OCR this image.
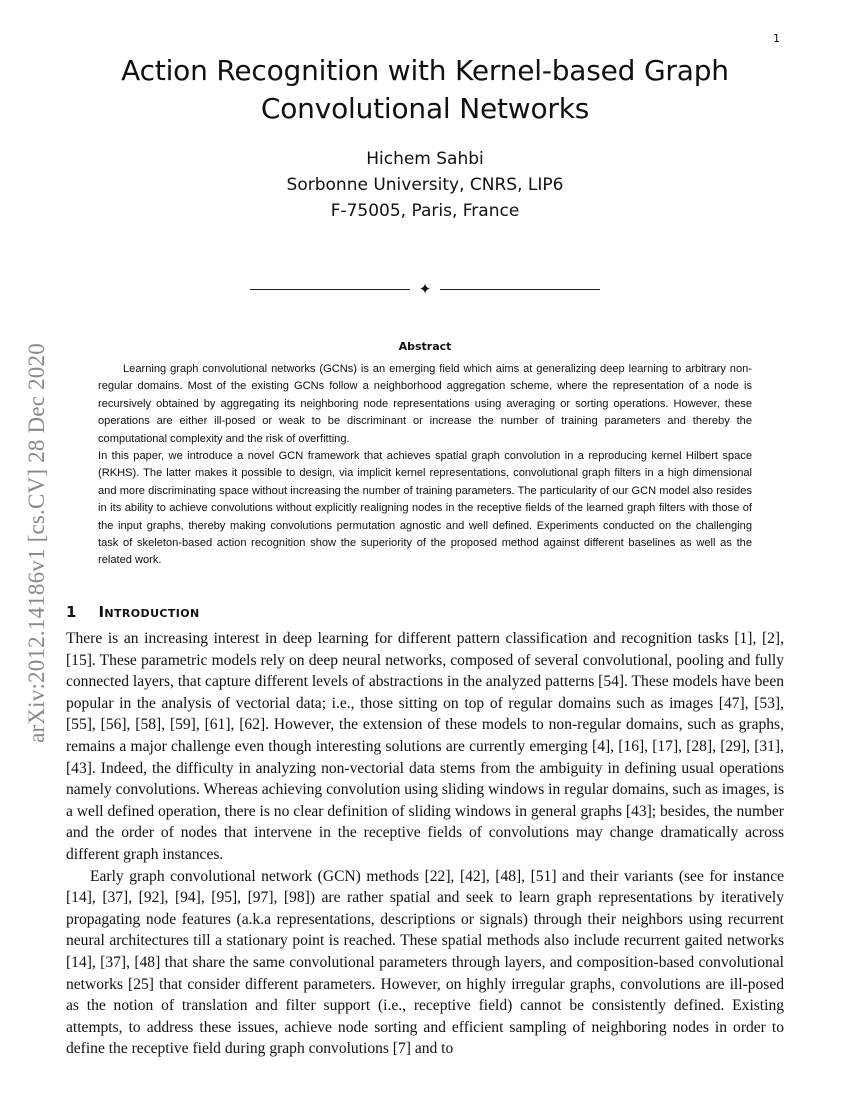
1
Action Recognition with Kernel-based Graph Convolutional Networks
Hichem Sahbi
Sorbonne University, CNRS, LIP6
F-75005, Paris, France
✦
arXiv:2012.14186v1 [cs.CV] 28 Dec 2020	Abstract

Learning graph convolutional networks (GCNs) is an emerging field which aims at generalizing deep learning to arbitrary non-regular domains. Most of the existing GCNs follow a neighborhood aggregation scheme, where the representation of a node is recursively obtained by aggregating its neighboring node representations using averaging or sorting operations. However, these operations are either ill-posed or weak to be discriminant or increase the number of training parameters and thereby the computational complexity and the risk of overfitting.

In this paper, we introduce a novel GCN framework that achieves spatial graph convolution in a reproducing kernel Hilbert space (RKHS). The latter makes it possible to design, via implicit kernel representations, convolutional graph filters in a high dimensional and more discriminating space without increasing the number of training parameters. The particularity of our GCN model also resides in its ability to achieve convolutions without explicitly realigning nodes in the receptive fields of the learned graph filters with those of the input graphs, thereby making convolutions permutation agnostic and well defined. Experiments conducted on the challenging task of skeleton-based action recognition show the superiority of the proposed method against different baselines as well as the related work.

1 Introduction

There is an increasing interest in deep learning for different pattern classification and recognition tasks [1], [2], [15]. These parametric models rely on deep neural networks, composed of several convolutional, pooling and fully connected layers, that capture different levels of abstractions in the analyzed patterns [54]. These models have been popular in the analysis of vectorial data; i.e., those sitting on top of regular domains such as images [47], [53], [55], [56], [58], [59], [61], [62]. However, the extension of these models to non-regular domains, such as graphs, remains a major challenge even though interesting solutions are currently emerging [4], [16], [17], [28], [29], [31], [43]. Indeed, the difficulty in analyzing non-vectorial data stems from the ambiguity in defining usual operations namely convolutions. Whereas achieving convolution using sliding windows in regular domains, such as images, is a well defined operation, there is no clear definition of sliding windows in general graphs [43]; besides, the number and the order of nodes that intervene in the receptive fields of convolutions may change dramatically across different graph instances.

Early graph convolutional network (GCN) methods [22], [42], [48], [51] and their variants (see for instance [14], [37], [92], [94], [95], [97], [98]) are rather spatial and seek to learn graph representations by iteratively propagating node features (a.k.a representations, descriptions or signals) through their neighbors using recurrent neural architectures till a stationary point is reached. These spatial methods also include recurrent gaited networks [14], [37], [48] that share the same convolutional parameters through layers, and composition-based convolutional networks [25] that consider different parameters. However, on highly irregular graphs, convolutions are ill-posed as the notion of translation and filter support (i.e., receptive field) cannot be consistently defined. Existing attempts, to address these issues, achieve node sorting and efficient sampling of neighboring nodes in order to define the receptive field during graph convolutions [7] and to
